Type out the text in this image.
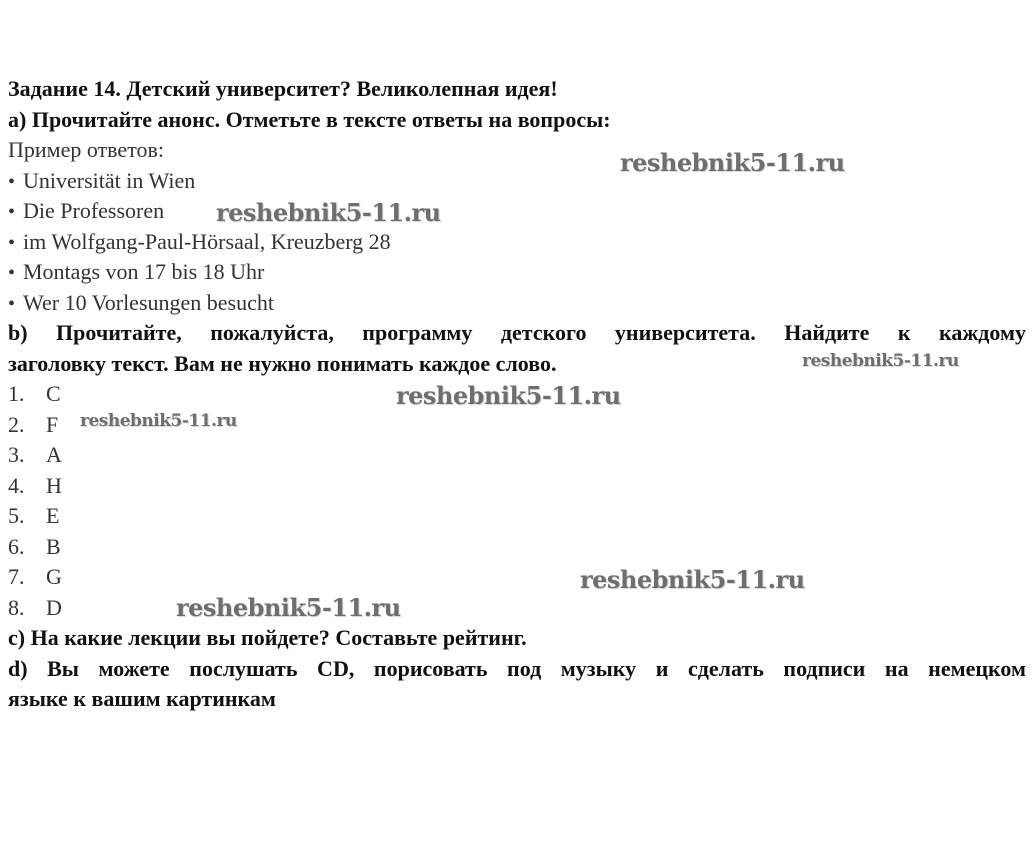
Задание 14. Детский университет? Великолепная идея!
а) Прочитайте анонс. Отметьте в тексте ответы на вопросы:
Пример ответов:
• Universität in Wien
• Die Professoren
• im Wolfgang-Paul-Hörsaal, Kreuzberg 28
• Montags von 17 bis 18 Uhr
• Wer 10 Vorlesungen besucht
b) Прочитайте, пожалуйста, программу детского университета. Найдите к каждому
заголовку текст. Вам не нужно понимать каждое слово.
1. C
2. F
3. A
4. H
5. E
6. B
7. G
8. D
c) На какие лекции вы пойдете? Составьте рейтинг.
d) Вы можете послушать CD, порисовать под музыку и сделать подписи на немецком
языке к вашим картинкам
reshebnik5-11.ru
reshebnik5-11.ru
reshebnik5-11.ru
reshebnik5-11.ru
reshebnik5-11.ru
reshebnik5-11.ru
reshebnik5-11.ru
